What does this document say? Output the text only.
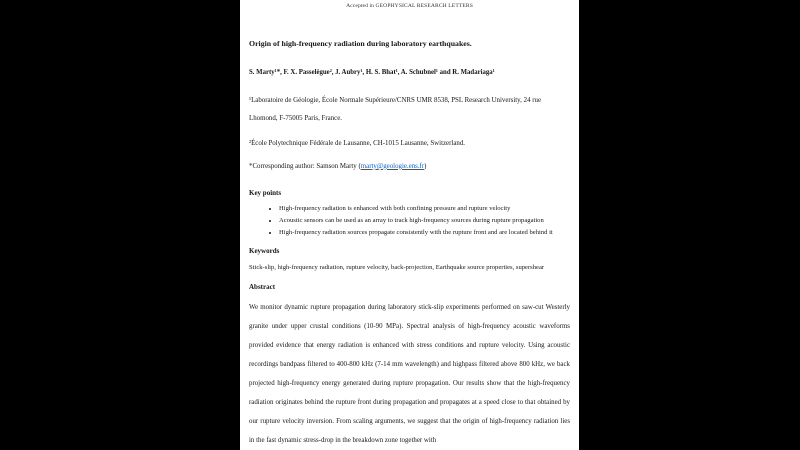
Accepted in GEOPHYSICAL RESEARCH LETTERS
Origin of high-frequency radiation during laboratory earthquakes.

S. Marty¹*, F. X. Passelègue², J. Aubry¹, H. S. Bhat¹, A. Schubnel¹ and R. Madariaga¹

¹Laboratoire de Géologie, École Normale Supérieure/CNRS UMR 8538, PSL Research University, 24 rue Lhomond, F-75005 Paris, France.

²École Polytechnique Fédérale de Lausanne, CH-1015 Lausanne, Switzerland.

*Corresponding author: Samson Marty (marty@geologie.ens.fr)

Key points
• High-frequency radiation is enhanced with both confining pressure and rupture velocity
• Acoustic sensors can be used as an array to track high-frequency sources during rupture propagation
• High-frequency radiation sources propagate consistently with the rupture front and are located behind it
Keywords

Stick-slip, high-frequency radiation, rupture velocity, back-projection, Earthquake source properties, supershear

Abstract

We monitor dynamic rupture propagation during laboratory stick-slip experiments performed on saw-cut Westerly granite under upper crustal conditions (10-90 MPa). Spectral analysis of high-frequency acoustic waveforms provided evidence that energy radiation is enhanced with stress conditions and rupture velocity. Using acoustic recordings bandpass filtered to 400-800 kHz (7-14 mm wavelength) and highpass filtered above 800 kHz, we back projected high-frequency energy generated during rupture propagation. Our results show that the high-frequency radiation originates behind the rupture front during propagation and propagates at a speed close to that obtained by our rupture velocity inversion. From scaling arguments, we suggest that the origin of high-frequency radiation lies in the fast dynamic stress-drop in the breakdown zone together with
